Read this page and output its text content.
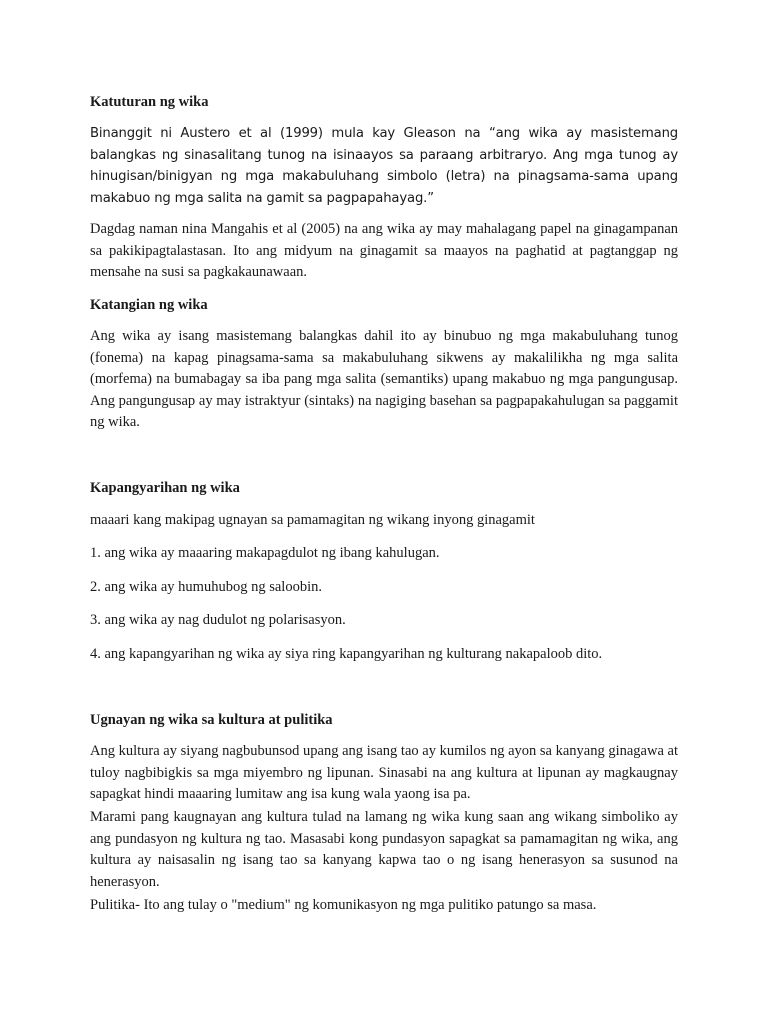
Katuturan ng wika
Binanggit ni Austero et al (1999) mula kay Gleason na “ang wika ay masistemang balangkas ng sinasalitang tunog na isinaayos sa paraang arbitraryo. Ang mga tunog ay hinugisan/binigyan ng mga makabuluhang simbolo (letra) na pinagsama-sama upang makabuo ng mga salita na gamit sa pagpapahayag.”
Dagdag naman nina Mangahis et al (2005) na ang wika ay may mahalagang papel na ginagampanan sa pakikipagtalastasan. Ito ang midyum na ginagamit sa maayos na paghatid at pagtanggap ng mensahe na susi sa pagkakaunawaan.
Katangian ng wika
Ang wika ay isang masistemang balangkas dahil ito ay binubuo ng mga makabuluhang tunog (fonema) na kapag pinagsama-sama sa makabuluhang sikwens ay makalilikha ng mga salita (morfema) na bumabagay sa iba pang mga salita (semantiks) upang makabuo ng mga pangungusap. Ang pangungusap ay may istraktyur (sintaks) na nagiging basehan sa pagpapakahulugan sa paggamit ng wika.
Kapangyarihan ng wika
maaari kang makipag ugnayan sa pamamagitan ng wikang inyong ginagamit
1. ang wika ay maaaring makapagdulot ng ibang kahulugan.
2. ang wika ay humuhubog ng saloobin.
3. ang wika ay nag dudulot ng polarisasyon.
4. ang kapangyarihan ng wika ay siya ring kapangyarihan ng kulturang nakapaloob dito.
Ugnayan ng wika sa kultura at pulitika
Ang kultura ay siyang nagbubunsod upang ang isang tao ay kumilos ng ayon sa kanyang ginagawa at tuloy nagbibigkis sa mga miyembro ng lipunan. Sinasabi na ang kultura at lipunan ay magkaugnay sapagkat hindi maaaring lumitaw ang isa kung wala yaong isa pa.
Marami pang kaugnayan ang kultura tulad na lamang ng wika kung saan ang wikang simboliko ay ang pundasyon ng kultura ng tao. Masasabi kong pundasyon sapagkat sa pamamagitan ng wika, ang kultura ay naisasalin ng isang tao sa kanyang kapwa tao o ng isang henerasyon sa susunod na henerasyon.
Pulitika- Ito ang tulay o "medium" ng komunikasyon ng mga pulitiko patungo sa masa.
